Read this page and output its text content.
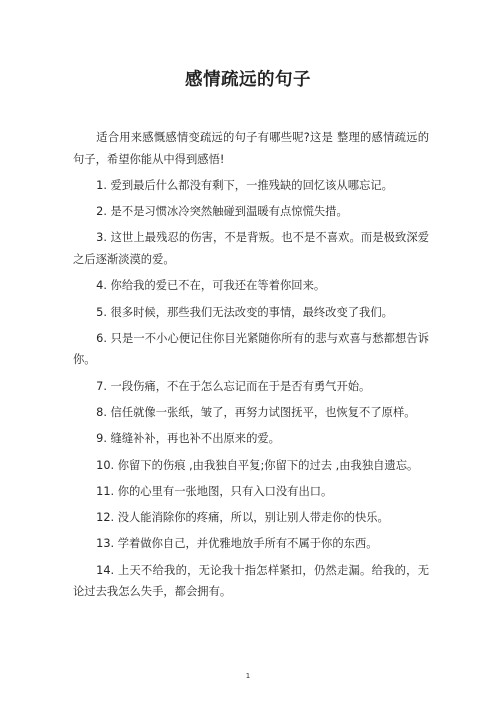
感情疏远的句子

适合用来感慨感情变疏远的句子有哪些呢?这是 整理的感情疏远的句子，希望你能从中得到感悟!

1. 爱到最后什么都没有剩下，一推残缺的回忆该从哪忘记。

2. 是不是习惯冰冷突然触碰到温暖有点惊慌失措。

3. 这世上最残忍的伤害，不是背叛。也不是不喜欢。而是极致深爱之后逐渐淡漠的爱。

4. 你给我的爱已不在，可我还在等着你回来。

5. 很多时候，那些我们无法改变的事情，最终改变了我们。

6. 只是一不小心便记住你目光紧随你所有的悲与欢喜与愁都想告诉你。

7. 一段伤痛，不在于怎么忘记而在于是否有勇气开始。

8. 信任就像一张纸，皱了，再努力试图抚平，也恢复不了原样。

9. 缝缝补补，再也补不出原来的爱。

10. 你留下的伤痕 ,由我独自平复;你留下的过去 ,由我独自遗忘。

11. 你的心里有一张地图，只有入口没有出口。

12. 没人能消除你的疼痛，所以，别让别人带走你的快乐。

13. 学着做你自己，并优雅地放手所有不属于你的东西。

14. 上天不给我的，无论我十指怎样紧扣，仍然走漏。给我的，无论过去我怎么失手，都会拥有。

1
